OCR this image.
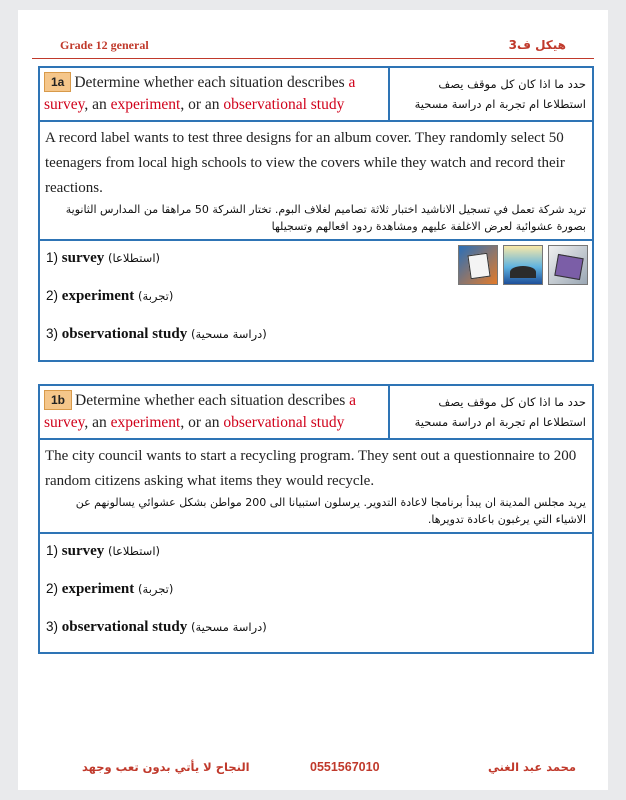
Grade 12 general	هيكل ف3
1a Determine whether each situation describes a survey, an experiment, or an observational study
حدد ما اذا كان كل موقف يصف استطلاعا ام تجربة ام دراسة مسحية
A record label wants to test three designs for an album cover. They randomly select 50 teenagers from local high schools to view the covers while they watch and record their reactions.
تريد شركة تعمل في تسجيل الاناشيد اختبار ثلاثة تصاميم لغلاف البوم. تختار الشركة 50 مراهقا من المدارس الثانوية بصورة عشوائية لعرض الاغلفة عليهم ومشاهدة ردود افعالهم وتسجيلها
1) survey (استطلاعا)
2) experiment (تجربة)
3) observational study (دراسة مسحية)
1b Determine whether each situation describes a survey, an experiment, or an observational study
حدد ما اذا كان كل موقف يصف استطلاعا ام تجربة ام دراسة مسحية
The city council wants to start a recycling program. They sent out a questionnaire to 200 random citizens asking what items they would recycle.
يريد مجلس المدينة ان يبدأ برنامجا لاعادة التدوير. يرسلون استبيانا الى 200 مواطن بشكل عشوائي يسالونهم عن الاشياء التي يرغبون باعادة تدويرها.
1) survey (استطلاعا)
2) experiment (تجربة)
3) observational study (دراسة مسحية)
النجاح لا يأتي بدون تعب وجهد	0551567010	محمد عبد الغني
